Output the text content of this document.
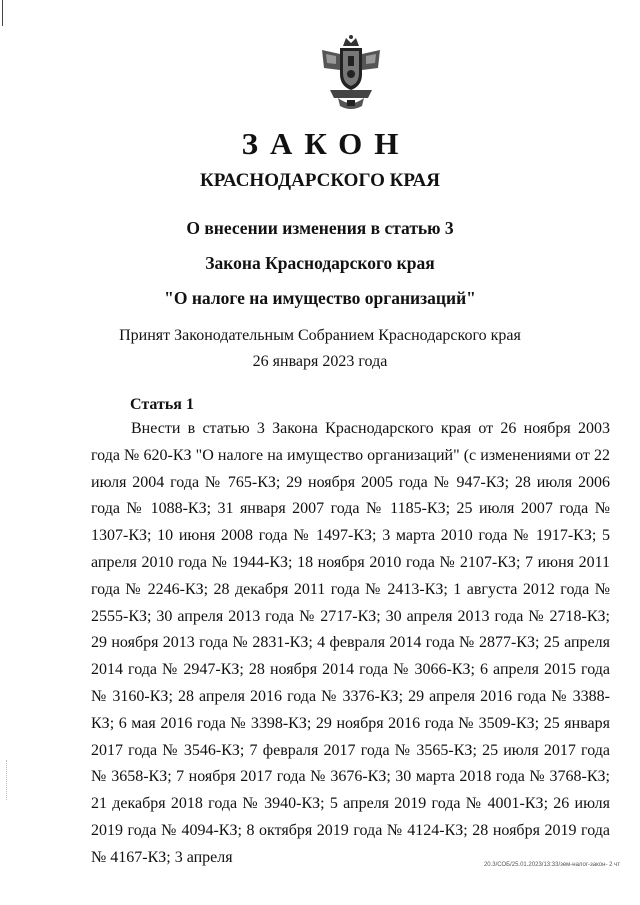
ЗАКОН
КРАСНОДАРСКОГО КРАЯ
О внесении изменения в статью 3
Закона Краснодарского края
"О налоге на имущество организаций"
Принят Законодательным Собранием Краснодарского края
26 января 2023 года
Статья 1
Внести в статью 3 Закона Краснодарского края от 26 ноября 2003 года № 620-КЗ "О налоге на имущество организаций" (с изменениями от 22 июля 2004 года № 765-КЗ; 29 ноября 2005 года № 947-КЗ; 28 июля 2006 года № 1088-КЗ; 31 января 2007 года № 1185-КЗ; 25 июля 2007 года № 1307-КЗ; 10 июня 2008 года № 1497-КЗ; 3 марта 2010 года № 1917-КЗ; 5 апреля 2010 года № 1944-КЗ; 18 ноября 2010 года № 2107-КЗ; 7 июня 2011 года № 2246-КЗ; 28 декабря 2011 года № 2413-КЗ; 1 августа 2012 года № 2555-КЗ; 30 апреля 2013 года № 2717-КЗ; 30 апреля 2013 года № 2718-КЗ; 29 ноября 2013 года № 2831-КЗ; 4 февраля 2014 года № 2877-КЗ; 25 апреля 2014 года № 2947-КЗ; 28 ноября 2014 года № 3066-КЗ; 6 апреля 2015 года № 3160-КЗ; 28 апреля 2016 года № 3376-КЗ; 29 апреля 2016 года № 3388-КЗ; 6 мая 2016 года № 3398-КЗ; 29 ноября 2016 года № 3509-КЗ; 25 января 2017 года № 3546-КЗ; 7 февраля 2017 года № 3565-КЗ; 25 июля 2017 года № 3658-КЗ; 7 ноября 2017 года № 3676-КЗ; 30 марта 2018 года № 3768-КЗ; 21 декабря 2018 года № 3940-КЗ; 5 апреля 2019 года № 4001-КЗ; 26 июля 2019 года № 4094-КЗ; 8 октября 2019 года № 4124-КЗ; 28 ноября 2019 года № 4167-КЗ; 3 апреля	20.3/СОБ/25.01.2023/13:33/зем-налог-закон- 2 чт
